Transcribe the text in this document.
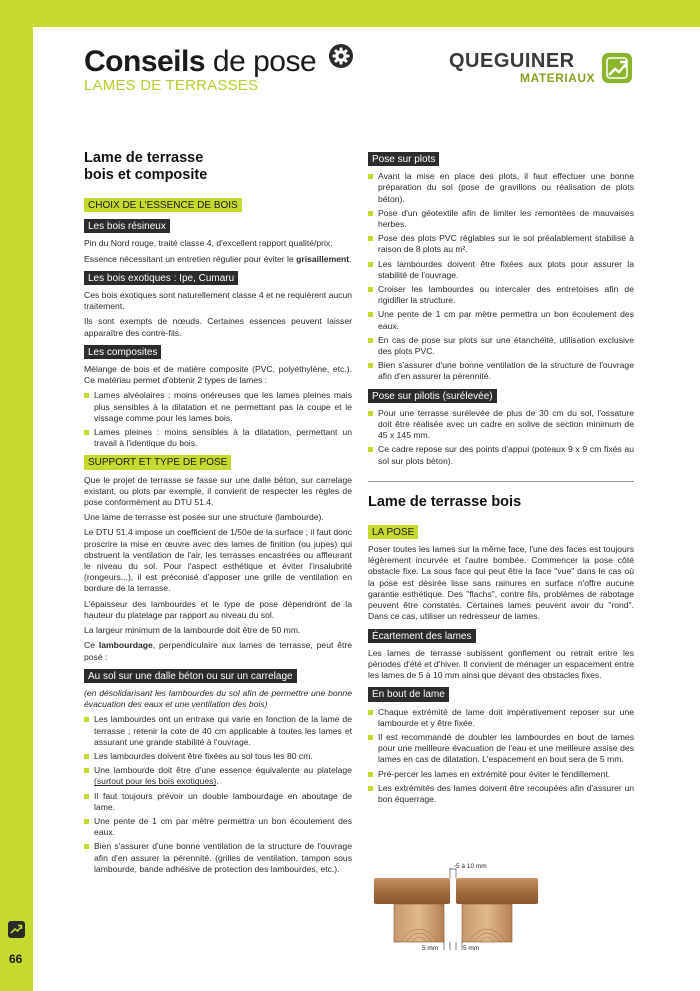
Conseils de pose
LAMES DE TERRASSES
QUEGUINER
MATERIAUX
Lame de terrasse
bois et composite
CHOIX DE L'ESSENCE DE BOIS
Les bois résineux

Pin du Nord rouge, traité classe 4, d'excellent rapport qualité/prix.

Essence nécessitant un entretien régulier pour éviter le grisaillement.

Les bois exotiques : Ipe, Cumaru

Ces bois exotiques sont naturellement classe 4 et ne requièrent aucun traitement.

Ils sont exempts de nœuds. Certaines essences peuvent laisser apparaître des contre-fils.

Les composites

Mélange de bois et de matière composite (PVC, polyéthylène, etc.). Ce matériau permet d'obtenir 2 types de lames :

Lames alvéolaires : moins onéreuses que les lames pleines mais plus sensibles à la dilatation et ne permettant pas la coupe et le vissage comme pour les lames bois.
Lames pleines : moins sensibles à la dilatation, permettant un travail à l'identique du bois.
SUPPORT ET TYPE DE POSE

Que le projet de terrasse se fasse sur une dalle béton, sur carrelage existant, ou plots par exemple, il convient de respecter les règles de pose conformément au DTU 51.4.

Une lame de terrasse est posée sur une structure (lambourde).

Le DTU 51.4 impose un coefficient de 1/50e de la surface ; il faut donc proscrire la mise en œuvre avec des lames de finition (ou jupes) qui obstruent la ventilation de l'air, les terrasses encastrées ou affleurant le niveau du sol. Pour l'aspect esthétique et éviter l'insalubrité (rongeurs...), il est préconisé d'apposer une grille de ventilation en bordure de la terrasse.

L'épaisseur des lambourdes et le type de pose dépendront de la hauteur du platelage par rapport au niveau du sol.

La largeur minimum de la lambourde doit être de 50 mm.

Ce lambourdage, perpendiculaire aux lames de terrasse, peut être posé :

Au sol sur une dalle béton ou sur un carrelage

(en désolidarisant les lambourdes du sol afin de permettre une bonne évacuation des eaux et une ventilation des bois)

Les lambourdes ont un entraxe qui varie en fonction de la lame de terrasse ; retenir la cote de 40 cm applicable à toutes les lames et assurant une grande stabilité à l'ouvrage.
Les lambourdes doivent être fixées au sol tous les 80 cm.
Une lambourde doit être d'une essence équivalente au platelage (surtout pour les bois exotiques).
Il faut toujours prévoir un double lambourdage en aboutage de lame.
Une pente de 1 cm par mètre permettra un bon écoulement des eaux.
Bien s'assurer d'une bonne ventilation de la structure de l'ouvrage afin d'en assurer la pérennité. (grilles de ventilation, tampon sous lambourde, bande adhésive de protection des lambourdes, etc.).
Pose sur plots
Avant la mise en place des plots, il faut effectuer une bonne préparation du sol (pose de gravillons ou réalisation de plots béton).
Pose d'un géotextile afin de limiter les remontées de mauvaises herbes.
Pose des plots PVC réglables sur le sol préalablement stabilisé à raison de 8 plots au m².
Les lambourdes doivent être fixées aux plots pour assurer la stabilité de l'ouvrage.
Croiser les lambourdes ou intercaler des entretoises afin de rigidifier la structure.
Une pente de 1 cm par mètre permettra un bon écoulement des eaux.
En cas de pose sur plots sur une étanchéité, utilisation exclusive des plots PVC.
Bien s'assurer d'une bonne ventilation de la structure de l'ouvrage afin d'en assurer la pérennité.
Pose sur pilotis (surélevée)
Pour une terrasse surélevée de plus de 30 cm du sol, l'ossature doit être réalisée avec un cadre en solive de section minimum de 45 x 145 mm.
Ce cadre repose sur des points d'appui (poteaux 9 x 9 cm fixés au sol sur plots béton).
Lame de terrasse bois
LA POSE

Poser toutes les lames sur la même face, l'une des faces est toujours légèrement incurvée et l'autre bombée. Commencer la pose côté obstacle fixe. La sous face qui peut être la face "vue" dans le cas où la pose est désirée lisse sans rainures en surface n'offre aucune garantie esthétique. Des "flachs", contre fils, problèmes de rabotage peuvent être constatés. Certaines lames peuvent avoir du "rond". Dans ce cas, utiliser un redresseur de lames.

Écartement des lames

Les lames de terrasse subissent gonflement ou retrait entre les périodes d'été et d'hiver. Il convient de ménager un espacement entre les lames de 5 à 10 mm ainsi que devant des obstacles fixes.

En bout de lame
Chaque extrémité de lame doit impérativement reposer sur une lambourde et y être fixée.
Il est recommandé de doubler les lambourdes en bout de lames pour une meilleure évacuation de l'eau et une meilleure assise des lames en cas de dilatation. L'espacement en bout sera de 5 mm.
Pré-percer les lames en extrémité pour éviter le fendillement.
Les extrémités des lames doivent être recoupées afin d'assurer un bon équerrage.
5 à 10 mm
5 mm	5 mm
66
